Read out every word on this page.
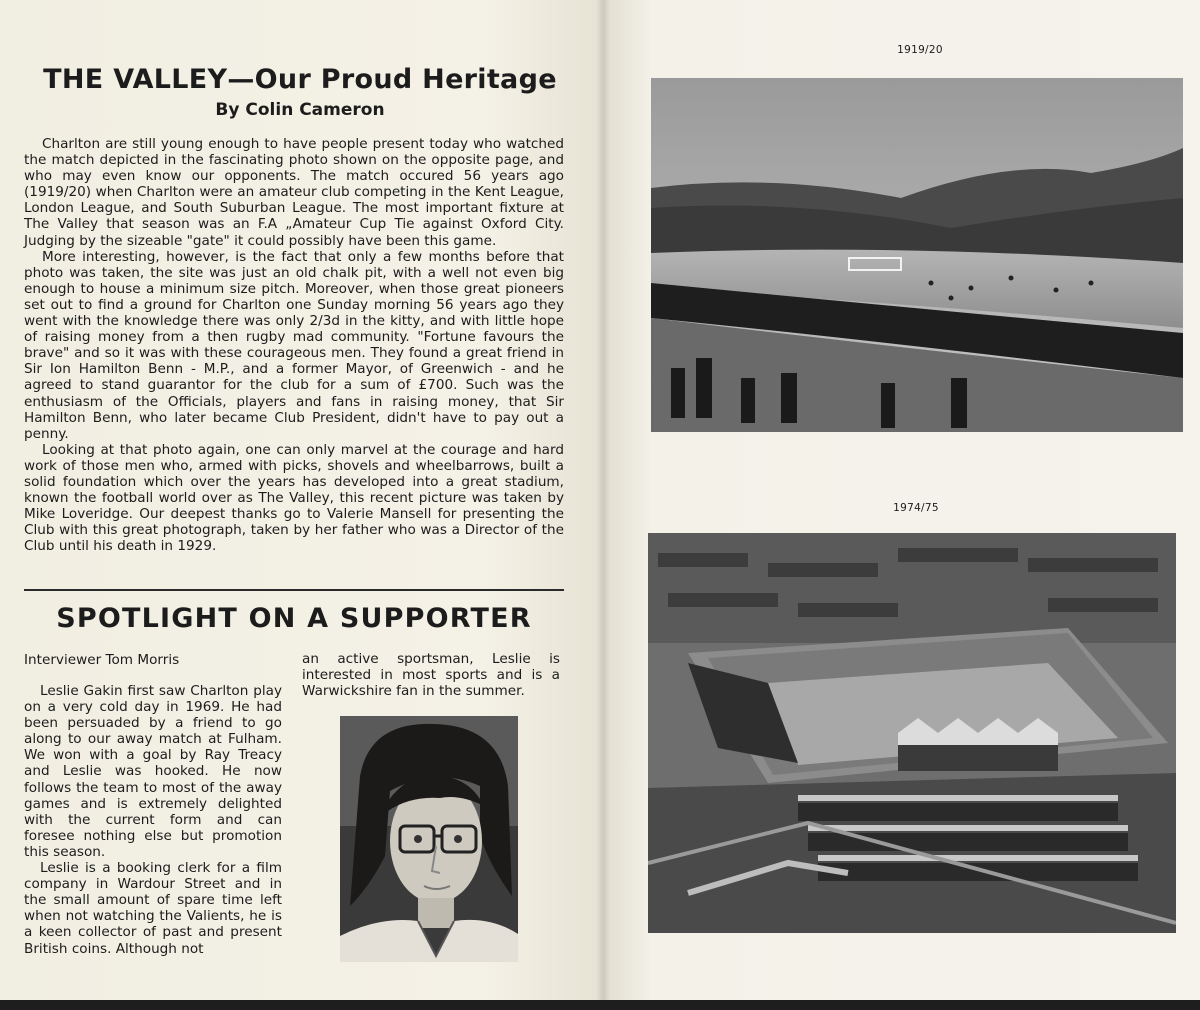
THE VALLEY—Our Proud Heritage
By Colin Cameron

Charlton are still young enough to have people present today who watched the match depicted in the fascinating photo shown on the opposite page, and who may even know our opponents. The match occured 56 years ago (1919/20) when Charlton were an amateur club competing in the Kent League, London League, and South Suburban League. The most important fixture at The Valley that season was an F.A „Amateur Cup Tie against Oxford City. Judging by the sizeable "gate" it could possibly have been this game.

More interesting, however, is the fact that only a few months before that photo was taken, the site was just an old chalk pit, with a well not even big enough to house a minimum size pitch. Moreover, when those great pioneers set out to find a ground for Charlton one Sunday morning 56 years ago they went with the knowledge there was only 2/3d in the kitty, and with little hope of raising money from a then rugby mad community. "Fortune favours the brave" and so it was with these courageous men. They found a great friend in Sir Ion Hamilton Benn - M.P., and a former Mayor, of Greenwich - and he agreed to stand guarantor for the club for a sum of £700. Such was the enthusiasm of the Officials, players and fans in raising money, that Sir Hamilton Benn, who later became Club President, didn't have to pay out a penny.

Looking at that photo again, one can only marvel at the courage and hard work of those men who, armed with picks, shovels and wheelbarrows, built a solid foundation which over the years has developed into a great stadium, known the football world over as The Valley, this recent picture was taken by Mike Loveridge. Our deepest thanks go to Valerie Mansell for presenting the Club with this great photograph, taken by her father who was a Director of the Club until his death in 1929.

SPOTLIGHT ON A SUPPORTER
Interviewer Tom Morris

Leslie Gakin first saw Charlton play on a very cold day in 1969. He had been persuaded by a friend to go along to our away match at Fulham. We won with a goal by Ray Treacy and Leslie was hooked. He now follows the team to most of the away games and is extremely delighted with the current form and can foresee nothing else but promotion this season.

Leslie is a booking clerk for a film company in Wardour Street and in the small amount of spare time left when not watching the Valients, he is a keen collector of past and present British coins. Although not

an active sportsman, Leslie is interested in most sports and is a Warwickshire fan in the summer.
1919/20
1974/75
